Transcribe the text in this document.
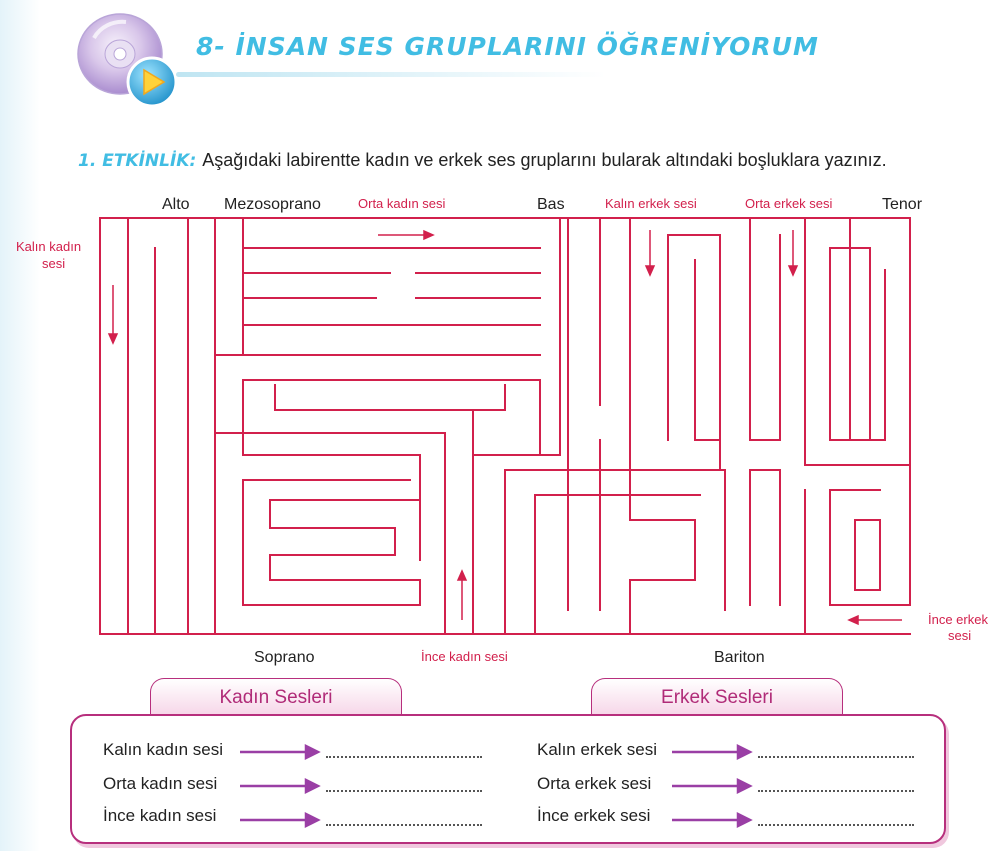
8- İNSAN SES GRUPLARINI ÖĞRENİYORUM
1. ETKİNLİK: Aşağıdaki labirentte kadın ve erkek ses gruplarını bularak altındaki boşluklara yazınız.
Alto Mezosoprano	Orta kadın sesi	Bas	Kalın erkek sesi	Orta erkek sesi	Tenor
Kalın kadın
sesi
İnce erkek
sesi
Soprano	İnce kadın sesi	Bariton
Kadın Sesleri	Erkek Sesleri
Kalın kadın sesi
Orta kadın sesi
İnce kadın sesi
Kalın erkek sesi
Orta erkek sesi
İnce erkek sesi
